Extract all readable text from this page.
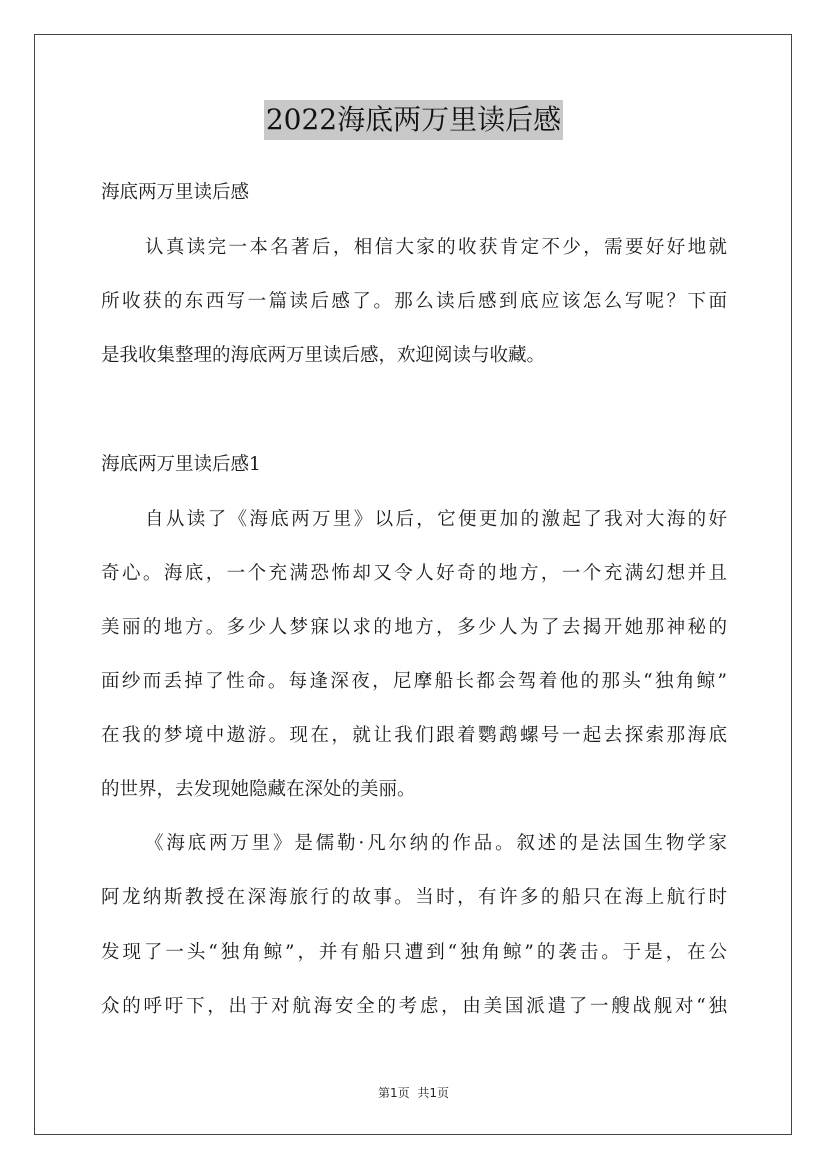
2022海底两万里读后感
海底两万里读后感
认真读完一本名著后，相信大家的收获肯定不少，需要好好地就
所收获的东西写一篇读后感了。那么读后感到底应该怎么写呢？下面
是我收集整理的海底两万里读后感，欢迎阅读与收藏。
海底两万里读后感1
自从读了《海底两万里》以后，它便更加的激起了我对大海的好
奇心。海底，一个充满恐怖却又令人好奇的地方，一个充满幻想并且
美丽的地方。多少人梦寐以求的地方，多少人为了去揭开她那神秘的
面纱而丢掉了性命。每逢深夜，尼摩船长都会驾着他的那头“独角鲸”
在我的梦境中遨游。现在，就让我们跟着鹦鹉螺号一起去探索那海底
的世界，去发现她隐藏在深处的美丽。
《海底两万里》是儒勒·凡尔纳的作品。叙述的是法国生物学家
阿龙纳斯教授在深海旅行的故事。当时，有许多的船只在海上航行时
发现了一头“独角鲸”，并有船只遭到“独角鲸”的袭击。于是，在公
众的呼吁下，出于对航海安全的考虑，由美国派遣了一艘战舰对“独
第1页 共1页
